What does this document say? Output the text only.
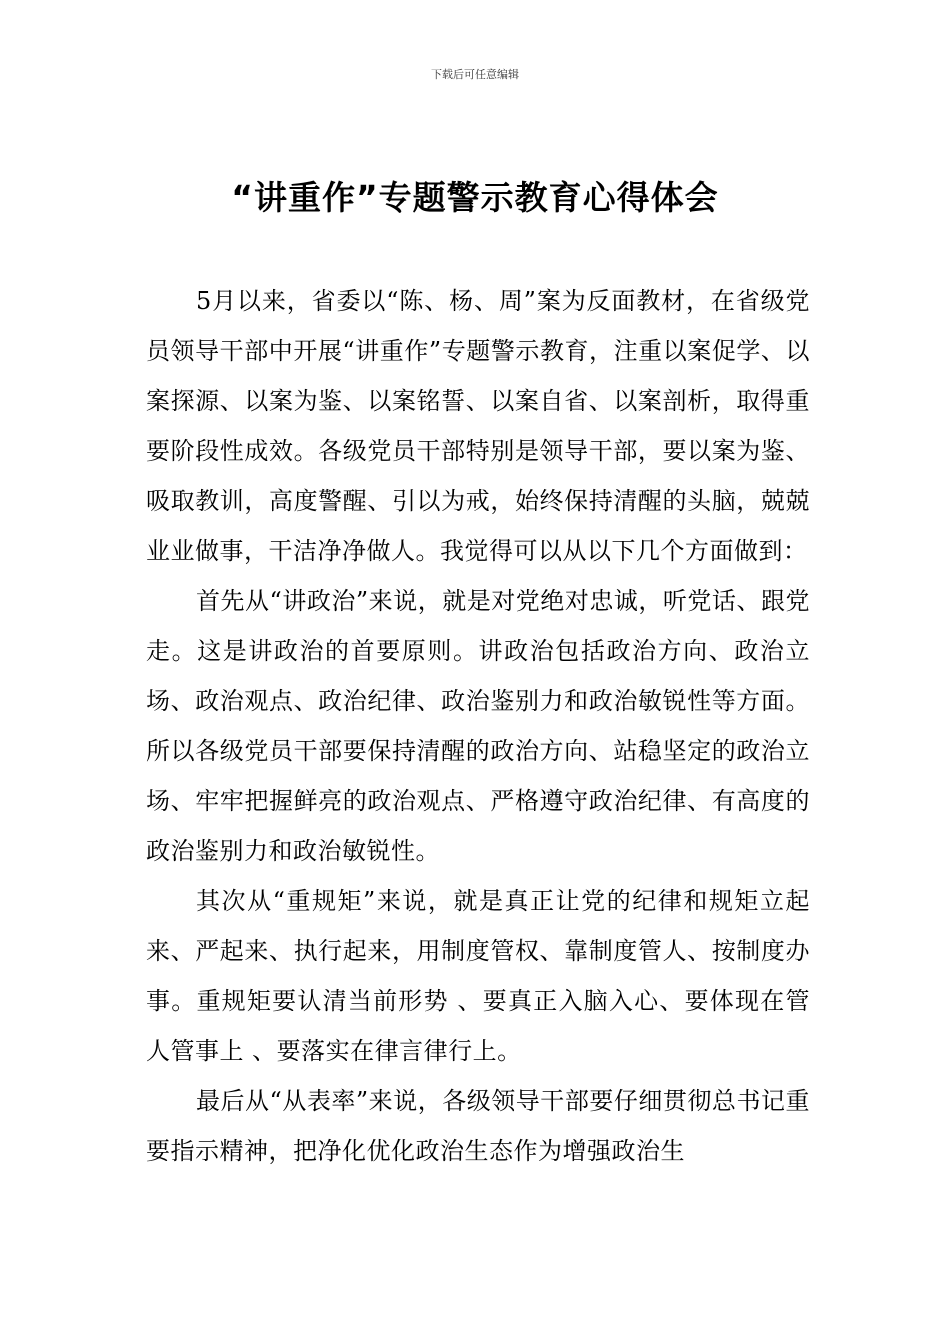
下载后可任意编辑
“讲重作”专题警示教育心得体会

5月以来，省委以“陈、杨、周”案为反面教材，在省级党员领导干部中开展“讲重作”专题警示教育，注重以案促学、以案探源、以案为鉴、以案铭誓、以案自省、以案剖析，取得重要阶段性成效。各级党员干部特别是领导干部，要以案为鉴、吸取教训，高度警醒、引以为戒，始终保持清醒的头脑，兢兢业业做事，干洁净净做人。我觉得可以从以下几个方面做到：

首先从“讲政治”来说，就是对党绝对忠诚，听党话、跟党走。这是讲政治的首要原则。讲政治包括政治方向、政治立场、政治观点、政治纪律、政治鉴别力和政治敏锐性等方面。所以各级党员干部要保持清醒的政治方向、站稳坚定的政治立场、牢牢把握鲜亮的政治观点、严格遵守政治纪律、有高度的政治鉴别力和政治敏锐性。

其次从“重规矩”来说，就是真正让党的纪律和规矩立起来、严起来、执行起来，用制度管权、靠制度管人、按制度办事。重规矩要认清当前形势 、要真正入脑入心、要体现在管人管事上 、要落实在律言律行上。

最后从“从表率”来说，各级领导干部要仔细贯彻总书记重要指示精神，把净化优化政治生态作为增强政治生
